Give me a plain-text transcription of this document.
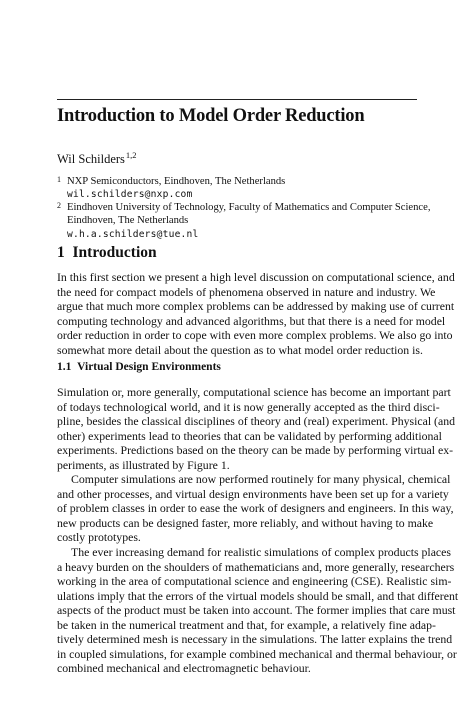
Introduction to Model Order Reduction
Wil Schilders$^{1,2}$
1 NXP Semiconductors, Eindhoven, The Netherlands
wil.schilders@nxp.com
2 Eindhoven University of Technology, Faculty of Mathematics and Computer Science,
Eindhoven, The Netherlands
w.h.a.schilders@tue.nl
1 Introduction
In this first section we present a high level discussion on computational science, and
the need for compact models of phenomena observed in nature and industry. We
argue that much more complex problems can be addressed by making use of current
computing technology and advanced algorithms, but that there is a need for model
order reduction in order to cope with even more complex problems. We also go into
somewhat more detail about the question as to what model order reduction is.
1.1 Virtual Design Environments
Simulation or, more generally, computational science has become an important part
of todays technological world, and it is now generally accepted as the third disci-
pline, besides the classical disciplines of theory and (real) experiment. Physical (and
other) experiments lead to theories that can be validated by performing additional
experiments. Predictions based on the theory can be made by performing virtual ex-
periments, as illustrated by Figure 1.
Computer simulations are now performed routinely for many physical, chemical
and other processes, and virtual design environments have been set up for a variety
of problem classes in order to ease the work of designers and engineers. In this way,
new products can be designed faster, more reliably, and without having to make
costly prototypes.
The ever increasing demand for realistic simulations of complex products places
a heavy burden on the shoulders of mathematicians and, more generally, researchers
working in the area of computational science and engineering (CSE). Realistic sim-
ulations imply that the errors of the virtual models should be small, and that different
aspects of the product must be taken into account. The former implies that care must
be taken in the numerical treatment and that, for example, a relatively fine adap-
tively determined mesh is necessary in the simulations. The latter explains the trend
in coupled simulations, for example combined mechanical and thermal behaviour, or
combined mechanical and electromagnetic behaviour.
